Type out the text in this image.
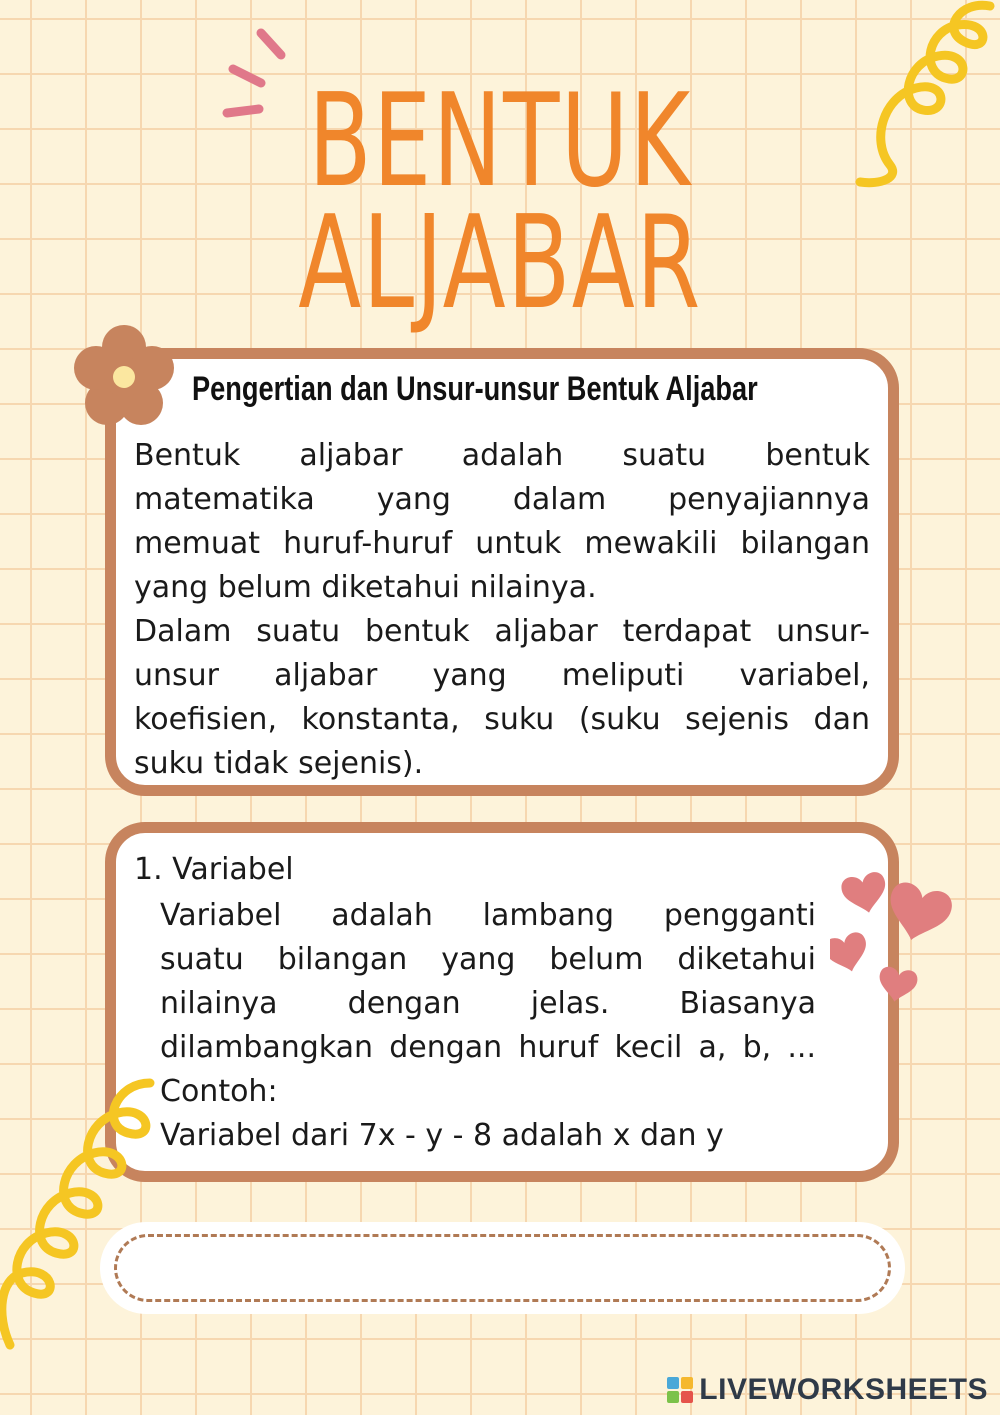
BENTUK
ALJABAR
Pengertian dan Unsur-unsur Bentuk Aljabar
Bentuk aljabar adalah suatu bentuk
matematika yang dalam penyajiannya
memuat huruf-huruf untuk mewakili bilangan
yang belum diketahui nilainya.
Dalam suatu bentuk aljabar terdapat unsur-
unsur aljabar yang meliputi variabel,
koefisien, konstanta, suku (suku sejenis dan
suku tidak sejenis).
1. Variabel
Variabel adalah lambang pengganti
suatu bilangan yang belum diketahui
nilainya dengan jelas. Biasanya
dilambangkan dengan huruf kecil a, b, ...
Contoh:
Variabel dari 7x - y - 8 adalah x dan y
LIVEWORKSHEETS
